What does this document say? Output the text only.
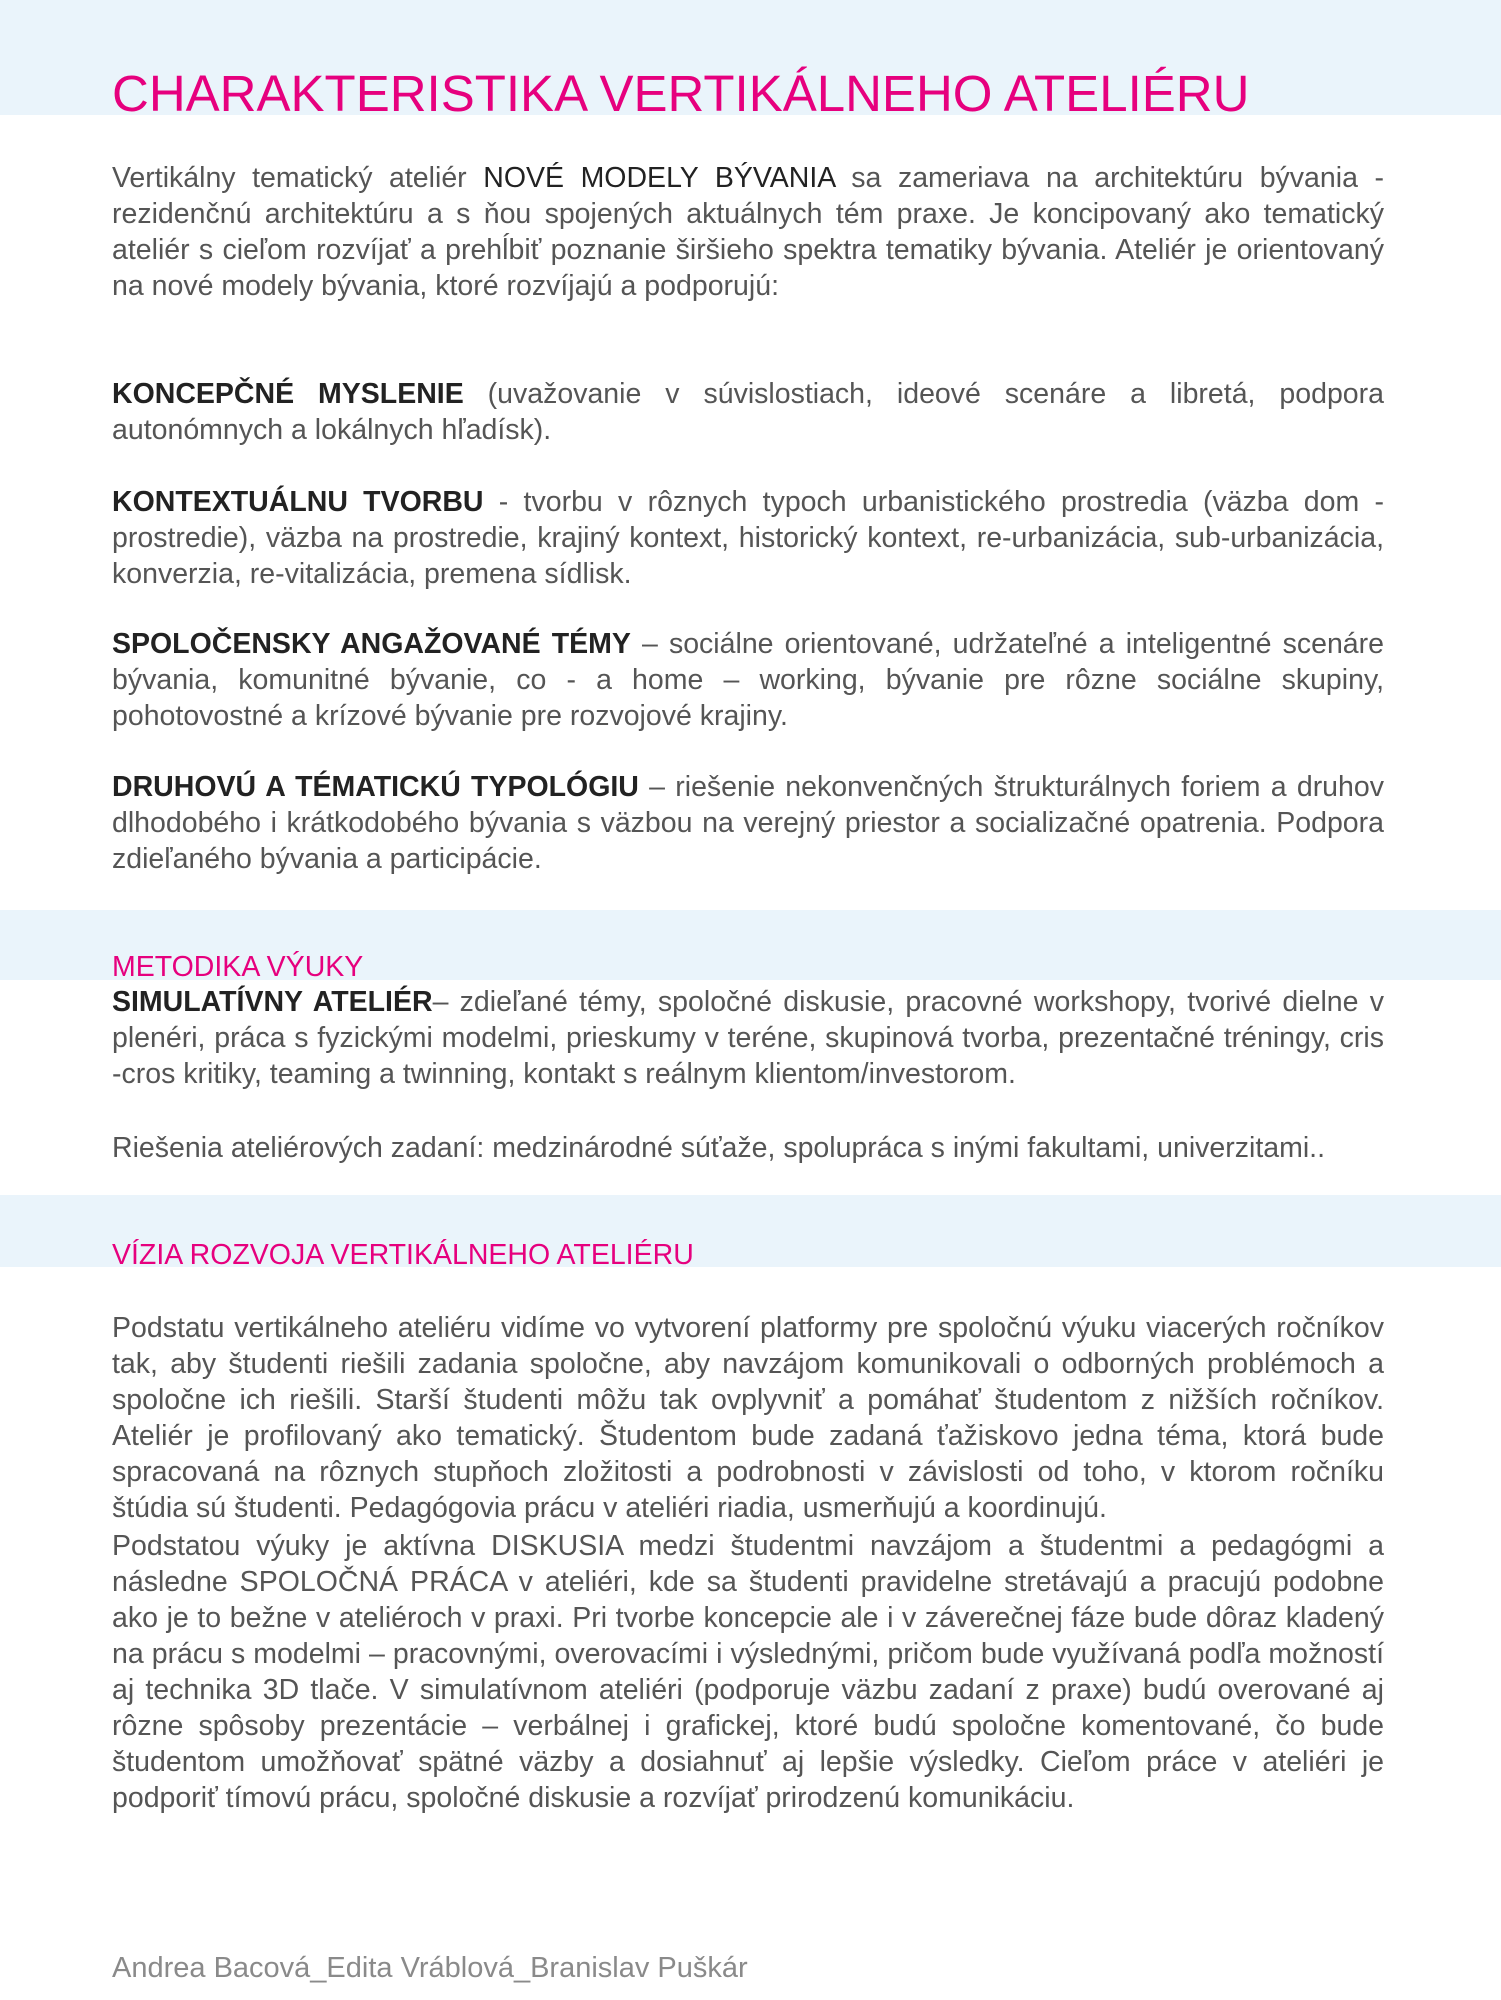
CHARAKTERISTIKA VERTIKÁLNEHO ATELIÉRU

Vertikálny tematický ateliér NOVÉ MODELY BÝVANIA sa zameriava na architektúru bývania - rezidenčnú architektúru a s ňou spojených aktuálnych tém praxe. Je koncipovaný ako tematický ateliér s cieľom rozvíjať a prehĺbiť poznanie širšieho spektra tematiky bývania. Ateliér je orientovaný na nové modely bývania, ktoré rozvíjajú a podporujú:

KONCEPČNÉ MYSLENIE (uvažovanie v súvislostiach, ideové scenáre a libretá, podpora autonómnych a lokálnych hľadísk).

KONTEXTUÁLNU TVORBU - tvorbu v rôznych typoch urbanistického prostredia (väzba dom - prostredie), väzba na prostredie, krajiný kontext, historický kontext, re-urbanizácia, sub-urbanizácia, konverzia, re-vitalizácia, premena sídlisk.

SPOLOČENSKY ANGAŽOVANÉ TÉMY – sociálne orientované, udržateľné a inteligentné scenáre bývania, komunitné bývanie, co - a home – working, bývanie pre rôzne sociálne skupiny, pohotovostné a krízové bývanie pre rozvojové krajiny.

DRUHOVÚ A TÉMATICKÚ TYPOLÓGIU – riešenie nekonvenčných štrukturálnych foriem a druhov dlhodobého i krátkodobého bývania s väzbou na verejný priestor a socializačné opatrenia. Podpora zdieľaného bývania a participácie.

METODIKA VÝUKY

SIMULATÍVNY ATELIÉR– zdieľané témy, spoločné diskusie, pracovné workshopy, tvorivé dielne v plenéri, práca s fyzickými modelmi, prieskumy v teréne, skupinová tvorba, prezentačné tréningy, cris -cros kritiky, teaming a twinning, kontakt s reálnym klientom/investorom.

Riešenia ateliérových zadaní: medzinárodné súťaže, spolupráca s inými fakultami, univerzitami..

VÍZIA ROZVOJA VERTIKÁLNEHO ATELIÉRU

Podstatu vertikálneho ateliéru vidíme vo vytvorení platformy pre spoločnú výuku viacerých ročníkov tak, aby študenti riešili zadania spoločne, aby navzájom komunikovali o odborných problémoch a spoločne ich riešili. Starší študenti môžu tak ovplyvniť a pomáhať študentom z nižších ročníkov. Ateliér je profilovaný ako tematický. Študentom bude zadaná ťažiskovo jedna téma, ktorá bude spracovaná na rôznych stupňoch zložitosti a podrobnosti v závislosti od toho, v ktorom ročníku štúdia sú študenti. Pedagógovia prácu v ateliéri riadia, usmerňujú a koordinujú.

Podstatou výuky je aktívna DISKUSIA medzi študentmi navzájom a študentmi a pedagógmi a následne SPOLOČNÁ PRÁCA v ateliéri, kde sa študenti pravidelne stretávajú a pracujú podobne ako je to bežne v ateliéroch v praxi. Pri tvorbe koncepcie ale i v záverečnej fáze bude dôraz kladený na prácu s modelmi – pracovnými, overovacími i výslednými, pričom bude využívaná podľa možností aj technika 3D tlače. V simulatívnom ateliéri (podporuje väzbu zadaní z praxe) budú overované aj rôzne spôsoby prezentácie – verbálnej i grafickej, ktoré budú spoločne komentované, čo bude študentom umožňovať spätné väzby a dosiahnuť aj lepšie výsledky. Cieľom práce v ateliéri je podporiť tímovú prácu, spoločné diskusie a rozvíjať prirodzenú komunikáciu.

Andrea Bacová_Edita Vráblová_Branislav Puškár
